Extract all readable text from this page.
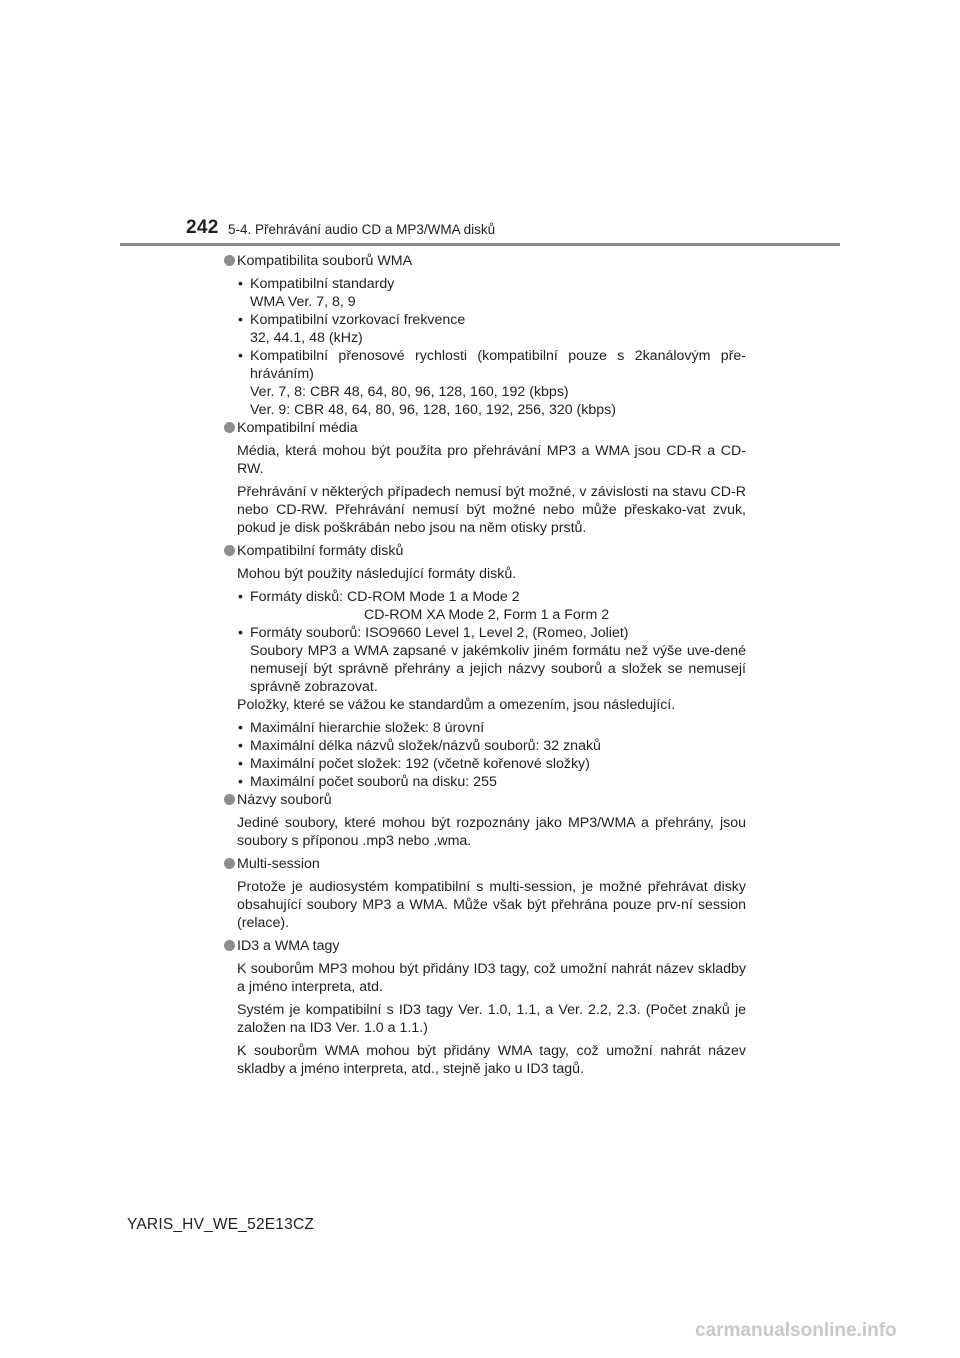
242 5-4. Přehrávání audio CD a MP3/WMA disků
Kompatibilita souborů WMA
• Kompatibilní standardy
WMA Ver. 7, 8, 9
• Kompatibilní vzorkovací frekvence
32, 44.1, 48 (kHz)
• Kompatibilní přenosové rychlosti (kompatibilní pouze s 2kanálovým pře-hráváním)
Ver. 7, 8: CBR 48, 64, 80, 96, 128, 160, 192 (kbps)
Ver. 9: CBR 48, 64, 80, 96, 128, 160, 192, 256, 320 (kbps)
Kompatibilní média

Média, která mohou být použita pro přehrávání MP3 a WMA jsou CD-R a CD-RW.

Přehrávání v některých případech nemusí být možné, v závislosti na stavu CD-R nebo CD-RW. Přehrávání nemusí být možné nebo může přeskako-vat zvuk, pokud je disk poškrábán nebo jsou na něm otisky prstů.

Kompatibilní formáty disků

Mohou být použity následující formáty disků.

• Formáty disků: CD-ROM Mode 1 a Mode 2
CD-ROM XA Mode 2, Form 1 a Form 2
• Formáty souborů: ISO9660 Level 1, Level 2, (Romeo, Joliet)
Soubory MP3 a WMA zapsané v jakémkoliv jiném formátu než výše uve-dené nemusejí být správně přehrány a jejich názvy souborů a složek se nemusejí správně zobrazovat.

Položky, které se vážou ke standardům a omezením, jsou následující.

• Maximální hierarchie složek: 8 úrovní
• Maximální délka názvů složek/názvů souborů: 32 znaků
• Maximální počet složek: 192 (včetně kořenové složky)
• Maximální počet souborů na disku: 255
Názvy souborů

Jediné soubory, které mohou být rozpoznány jako MP3/WMA a přehrány, jsou soubory s příponou .mp3 nebo .wma.

Multi-session

Protože je audiosystém kompatibilní s multi-session, je možné přehrávat disky obsahující soubory MP3 a WMA. Může však být přehrána pouze prv-ní session (relace).

ID3 a WMA tagy

K souborům MP3 mohou být přidány ID3 tagy, což umožní nahrát název skladby a jméno interpreta, atd.

Systém je kompatibilní s ID3 tagy Ver. 1.0, 1.1, a Ver. 2.2, 2.3. (Počet znaků je založen na ID3 Ver. 1.0 a 1.1.)

K souborům WMA mohou být přidány WMA tagy, což umožní nahrát název skladby a jméno interpreta, atd., stejně jako u ID3 tagů.

YARIS_HV_WE_52E13CZ
carmanualsonline.info
